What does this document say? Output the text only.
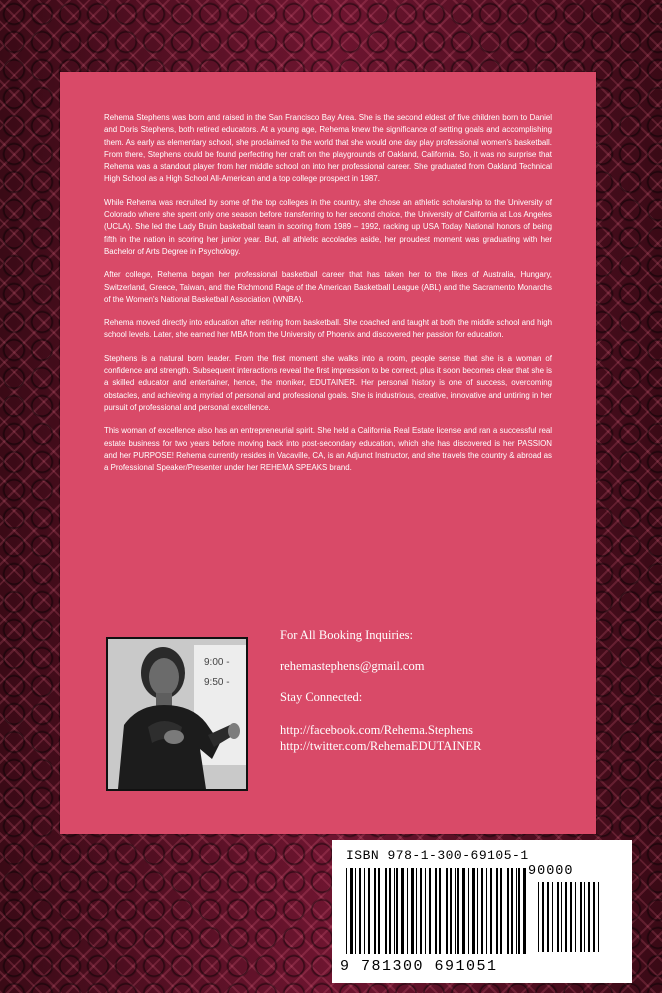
Rehema Stephens was born and raised in the San Francisco Bay Area. She is the second eldest of five children born to Daniel and Doris Stephens, both retired educators. At a young age, Rehema knew the significance of setting goals and accomplishing them. As early as elementary school, she proclaimed to the world that she would one day play professional women's basketball. From there, Stephens could be found perfecting her craft on the playgrounds of Oakland, California. So, it was no surprise that Rehema was a standout player from her middle school on into her professional career. She graduated from Oakland Technical High School as a High School All-American and a top college prospect in 1987.

While Rehema was recruited by some of the top colleges in the country, she chose an athletic scholarship to the University of Colorado where she spent only one season before transferring to her second choice, the University of California at Los Angeles (UCLA). She led the Lady Bruin basketball team in scoring from 1989 – 1992, racking up USA Today National honors of being fifth in the nation in scoring her junior year. But, all athletic accolades aside, her proudest moment was graduating with her Bachelor of Arts Degree in Psychology.

After college, Rehema began her professional basketball career that has taken her to the likes of Australia, Hungary, Switzerland, Greece, Taiwan, and the Richmond Rage of the American Basketball League (ABL) and the Sacramento Monarchs of the Women's National Basketball Association (WNBA).

Rehema moved directly into education after retiring from basketball. She coached and taught at both the middle school and high school levels. Later, she earned her MBA from the University of Phoenix and discovered her passion for education.

Stephens is a natural born leader. From the first moment she walks into a room, people sense that she is a woman of confidence and strength. Subsequent interactions reveal the first impression to be correct, plus it soon becomes clear that she is a skilled educator and entertainer, hence, the moniker, EDUTAINER. Her personal history is one of success, overcoming obstacles, and achieving a myriad of personal and professional goals. She is industrious, creative, innovative and untiring in her pursuit of professional and personal excellence.

This woman of excellence also has an entrepreneurial spirit. She held a California Real Estate license and ran a successful real estate business for two years before moving back into post-secondary education, which she has discovered is her PASSION and her PURPOSE! Rehema currently resides in Vacaville, CA, is an Adjunct Instructor, and she travels the country & abroad as a Professional Speaker/Presenter under her REHEMA SPEAKS brand.

9:00 -
9:50 -
For All Booking Inquiries:
rehemastephens@gmail.com
Stay Connected:
http://facebook.com/Rehema.Stephens
http://twitter.com/RehemaEDUTAINER
ISBN 978-1-300-69105-1
90000
9 781300 691051
